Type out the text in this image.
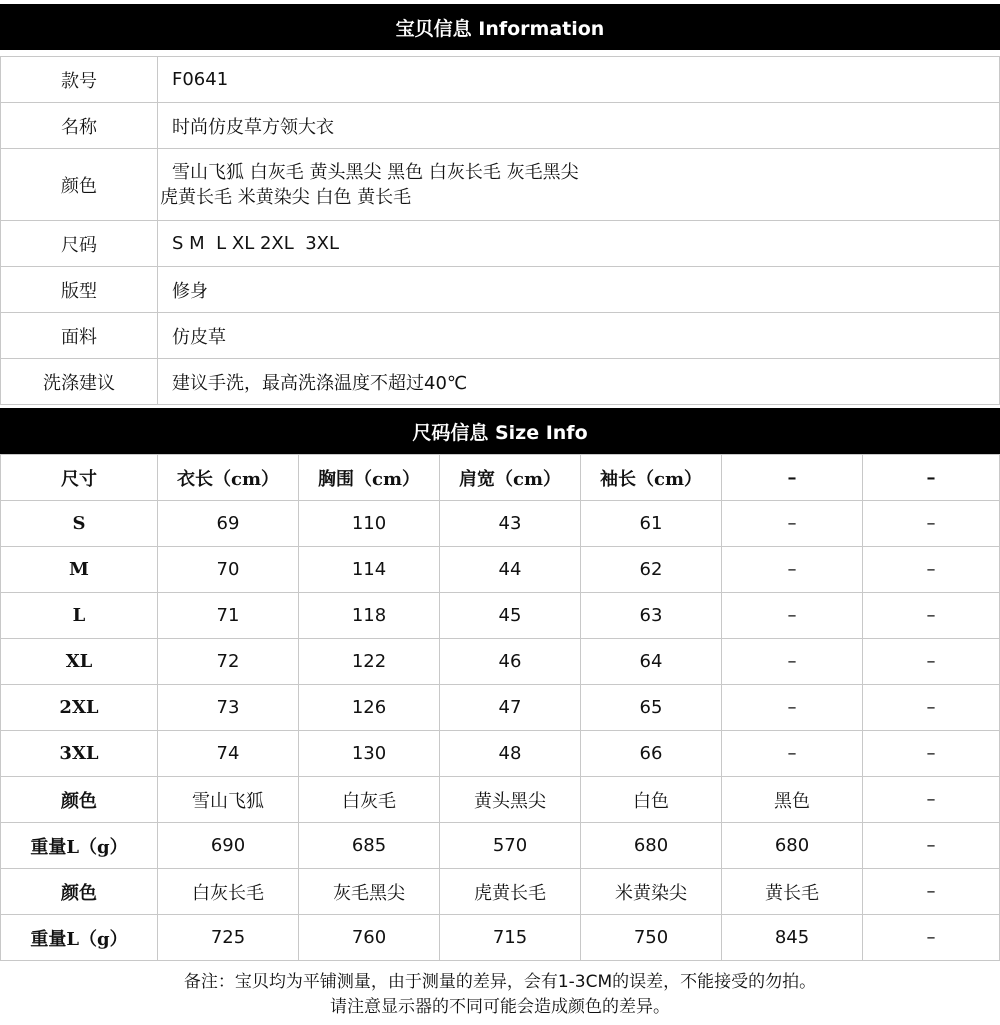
宝贝信息 Information
款号	F0641
名称	时尚仿皮草方领大衣
颜色	雪山飞狐 白灰毛 黄头黑尖 黑色 白灰长毛 灰毛黑尖
虎黄长毛 米黄染尖 白色 黄长毛

尺码	S M  L XL 2XL  3XL
版型	修身
面料	仿皮草
洗涤建议	建议手洗，最高洗涤温度不超过40℃
尺码信息 Size Info
尺寸	衣长（cm）	胸围（cm）	肩宽（cm）	袖长（cm）	–	–
S	69	110	43	61	–	–
M	70	114	44	62	–	–
L	71	118	45	63	–	–
XL	72	122	46	64	–	–
2XL	73	126	47	65	–	–
3XL	74	130	48	66	–	–
颜色	雪山飞狐	白灰毛	黄头黑尖	白色	黑色	–
重量L（g）	690	685	570	680	680	–
颜色	白灰长毛	灰毛黑尖	虎黄长毛	米黄染尖	黄长毛	–
重量L（g）	725	760	715	750	845	–
备注：宝贝均为平铺测量，由于测量的差异，会有1-3CM的误差，不能接受的勿拍。
请注意显示器的不同可能会造成颜色的差异。
